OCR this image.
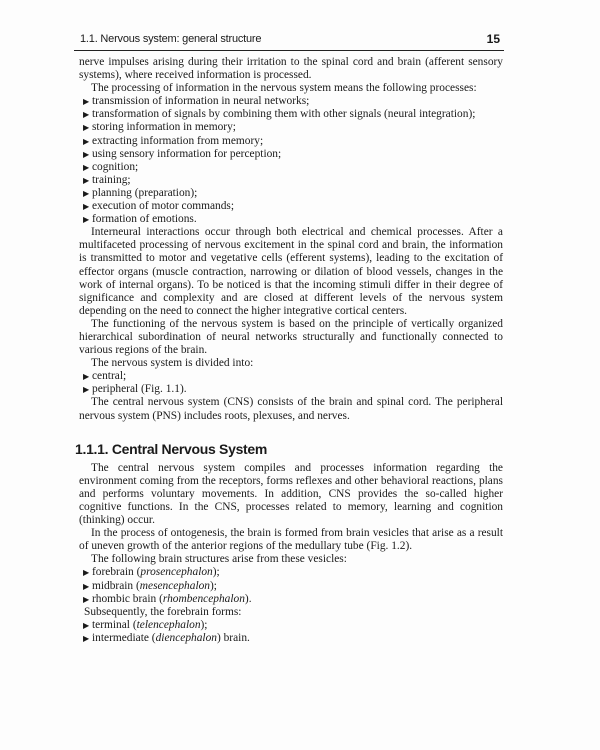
1.1. Nervous system: general structure	15

nerve impulses arising during their irritation to the spinal cord and brain (afferent sensory systems), where received information is processed.

The processing of information in the nervous system means the following processes:

▶ transmission of information in neural networks;
▶ transformation of signals by combining them with other signals (neural integration);
▶ storing information in memory;
▶ extracting information from memory;
▶ using sensory information for perception;
▶ cognition;
▶ training;
▶ planning (preparation);
▶ execution of motor commands;
▶ formation of emotions.

Interneural interactions occur through both electrical and chemical processes. After a multifaceted processing of nervous excitement in the spinal cord and brain, the information is transmitted to motor and vegetative cells (efferent systems), leading to the excitation of effector organs (muscle contraction, narrowing or dilation of blood vessels, changes in the work of internal organs). To be noticed is that the incoming stimuli differ in their degree of significance and complexity and are closed at different levels of the nervous system depending on the need to connect the higher integrative cortical centers.

The functioning of the nervous system is based on the principle of vertically organized hierarchical subordination of neural networks structurally and functionally connected to various regions of the brain.

The nervous system is divided into:

▶ central;
▶ peripheral (Fig. 1.1).

The central nervous system (CNS) consists of the brain and spinal cord. The peripheral nervous system (PNS) includes roots, plexuses, and nerves.

1.1.1. Central Nervous System

The central nervous system compiles and processes information regarding the environment coming from the receptors, forms reflexes and other behavioral reactions, plans and performs voluntary movements. In addition, CNS provides the so-called higher cognitive functions. In the CNS, processes related to memory, learning and cognition (thinking) occur.

In the process of ontogenesis, the brain is formed from brain vesicles that arise as a result of uneven growth of the anterior regions of the medullary tube (Fig. 1.2).

The following brain structures arise from these vesicles:

▶ forebrain (prosencephalon);
▶ midbrain (mesencephalon);
▶ rhombic brain (rhombencephalon).

Subsequently, the forebrain forms:

▶ terminal (telencephalon);
▶ intermediate (diencephalon) brain.
